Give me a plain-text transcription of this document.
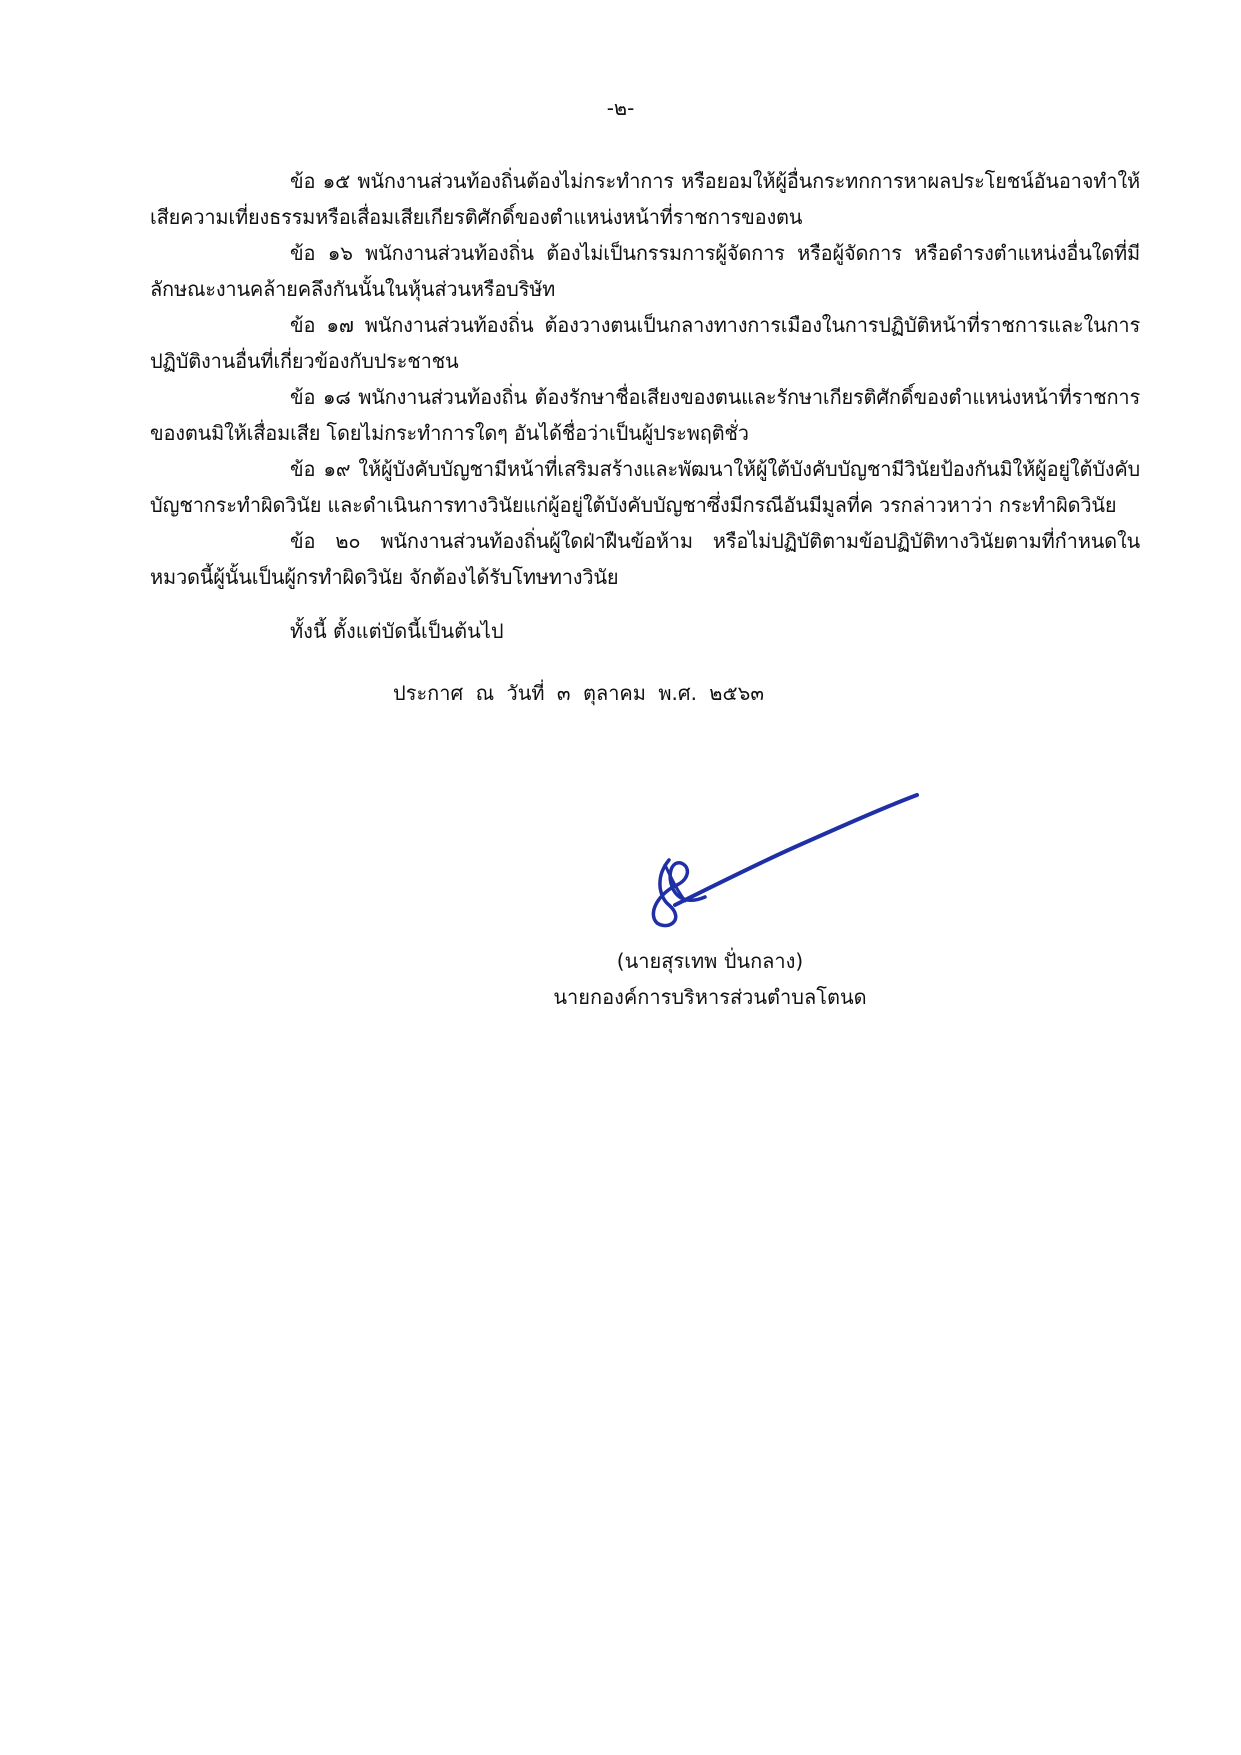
-๒-

ข้อ ๑๕ พนักงานส่วนท้องถิ่นต้องไม่กระทำการ หรือยอมให้ผู้อื่นกระทกการหาผลประโยชน์อันอาจทำให้เสียความเที่ยงธรรมหรือเสื่อมเสียเกียรติศักดิ์ของตำแหน่งหน้าที่ราชการของตน

ข้อ ๑๖ พนักงานส่วนท้องถิ่น ต้องไม่เป็นกรรมการผู้จัดการ หรือผู้จัดการ หรือดำรงตำแหน่งอื่นใดที่มีลักษณะงานคล้ายคลึงกันนั้นในหุ้นส่วนหรือบริษัท

ข้อ ๑๗ พนักงานส่วนท้องถิ่น ต้องวางตนเป็นกลางทางการเมืองในการปฏิบัติหน้าที่ราชการและในการ ปฏิบัติงานอื่นที่เกี่ยวข้องกับประชาชน

ข้อ ๑๘ พนักงานส่วนท้องถิ่น ต้องรักษาชื่อเสียงของตนและรักษาเกียรติศักดิ์ของตำแหน่งหน้าที่ราชการของตนมิให้เสื่อมเสีย โดยไม่กระทำการใดๆ อันได้ชื่อว่าเป็นผู้ประพฤติชั่ว

ข้อ ๑๙ ให้ผู้บังคับบัญชามีหน้าที่เสริมสร้างและพัฒนาให้ผู้ใต้บังคับบัญชามีวินัยป้องกันมิให้ผู้อยู่ใต้บังคับบัญชากระทำผิดวินัย และดำเนินการทางวินัยแก่ผู้อยู่ใต้บังคับบัญชาซึ่งมีกรณีอันมีมูลที่ค วรกล่าวหาว่า กระทำผิดวินัย

ข้อ ๒๐ พนักงานส่วนท้องถิ่นผู้ใดฝ่าฝืนข้อห้าม หรือไม่ปฏิบัติตามข้อปฏิบัติทางวินัยตามที่กำหนดในหมวดนี้ผู้นั้นเป็นผู้กรทำผิดวินัย จักต้องได้รับโทษทางวินัย

ทั้งนี้ ตั้งแต่บัดนี้เป็นต้นไป

ประกาศ ณ วันที่ ๓ ตุลาคม พ.ศ. ๒๕๖๓

(นายสุรเทพ ปั่นกลาง)
นายกองค์การบริหารส่วนตำบลโตนด
